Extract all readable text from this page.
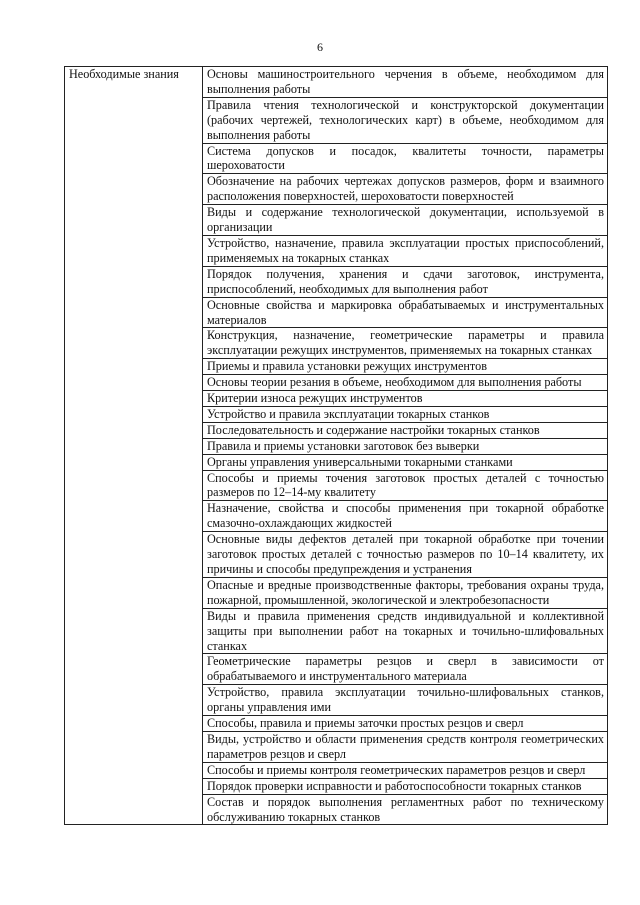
6
Необходимые знания	Основы машиностроительного черчения в объеме, необходимом для выполнения работы
Правила чтения технологической и конструкторской документации (рабочих чертежей, технологических карт) в объеме, необходимом для выполнения работы
Система допусков и посадок, квалитеты точности, параметры шероховатости
Обозначение на рабочих чертежах допусков размеров, форм и взаимного расположения поверхностей, шероховатости поверхностей
Виды и содержание технологической документации, используемой в организации
Устройство, назначение, правила эксплуатации простых приспособлений, применяемых на токарных станках
Порядок получения, хранения и сдачи заготовок, инструмента, приспособлений, необходимых для выполнения работ
Основные свойства и маркировка обрабатываемых и инструментальных материалов
Конструкция, назначение, геометрические параметры и правила эксплуатации режущих инструментов, применяемых на токарных станках
Приемы и правила установки режущих инструментов
Основы теории резания в объеме, необходимом для выполнения работы
Критерии износа режущих инструментов
Устройство и правила эксплуатации токарных станков
Последовательность и содержание настройки токарных станков
Правила и приемы установки заготовок без выверки
Органы управления универсальными токарными станками
Способы и приемы точения заготовок простых деталей с точностью размеров по 12–14-му квалитету
Назначение, свойства и способы применения при токарной обработке смазочно-охлаждающих жидкостей
Основные виды дефектов деталей при токарной обработке при точении заготовок простых деталей с точностью размеров по 10–14 квалитету, их причины и способы предупреждения и устранения
Опасные и вредные производственные факторы, требования охраны труда, пожарной, промышленной, экологической и электробезопасности
Виды и правила применения средств индивидуальной и коллективной защиты при выполнении работ на токарных и точильно-шлифовальных станках
Геометрические параметры резцов и сверл в зависимости от обрабатываемого и инструментального материала
Устройство, правила эксплуатации точильно-шлифовальных станков, органы управления ими
Способы, правила и приемы заточки простых резцов и сверл
Виды, устройство и области применения средств контроля геометрических параметров резцов и сверл
Способы и приемы контроля геометрических параметров резцов и сверл
Порядок проверки исправности и работоспособности токарных станков
Состав и порядок выполнения регламентных работ по техническому обслуживанию токарных станков
